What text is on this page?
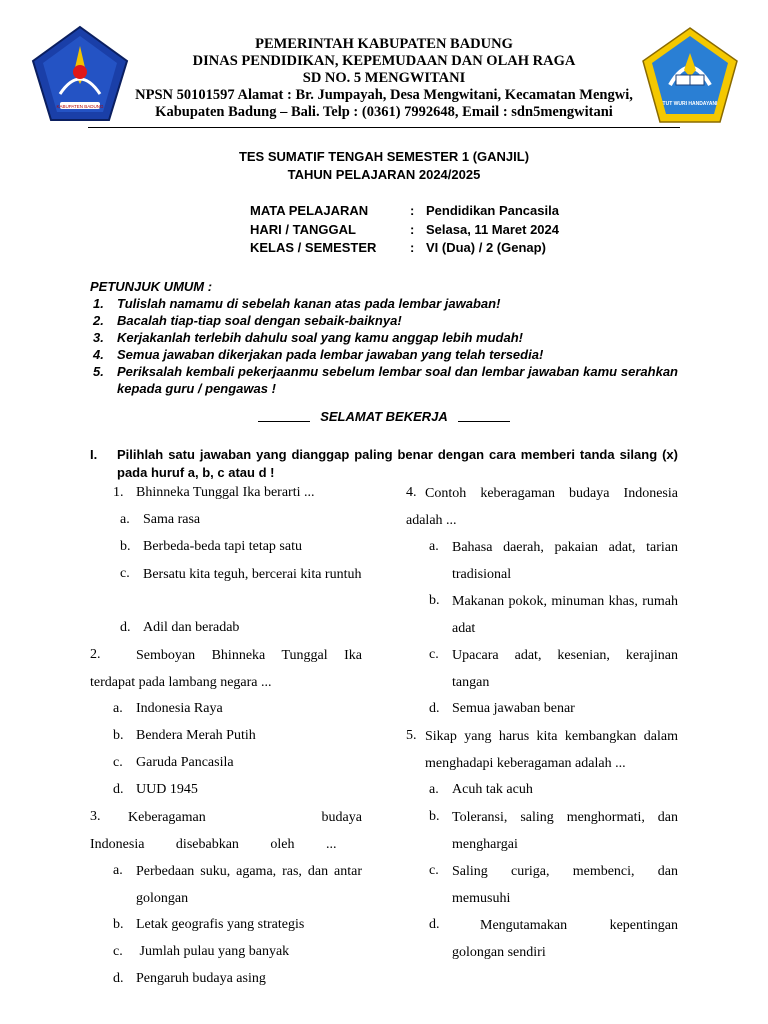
KABUPATEN BADUNG	TUT WURI HANDAYANI
PEMERINTAH KABUPATEN BADUNG
DINAS PENDIDIKAN, KEPEMUDAAN DAN OLAH RAGA
SD NO. 5 MENGWITANI
NPSN 50101597 Alamat : Br. Jumpayah, Desa Mengwitani, Kecamatan Mengwi,
Kabupaten Badung – Bali. Telp : (0361) 7992648, Email : sdn5mengwitani
TES SUMATIF TENGAH SEMESTER 1 (GANJIL)
TAHUN PELAJARAN 2024/2025
MATA PELAJARAN	: Pendidikan Pancasila
HARI / TANGGAL	: Selasa, 11 Maret 2024
KELAS / SEMESTER	: VI (Dua) / 2 (Genap)
PETUNJUK UMUM :
1. Tulislah namamu di sebelah kanan atas pada lembar jawaban!
2. Bacalah tiap-tiap soal dengan sebaik-baiknya!
3. Kerjakanlah terlebih dahulu soal yang kamu anggap lebih mudah!
4. Semua jawaban dikerjakan pada lembar jawaban yang telah tersedia!
5. Periksalah kembali pekerjaanmu sebelum lembar soal dan lembar jawaban kamu serahkan kepada guru / pengawas !
SELAMAT BEKERJA
I. Pilihlah satu jawaban yang dianggap paling benar dengan cara memberi tanda silang (x) pada huruf a, b, c atau d !
1. Bhinneka Tunggal Ika berarti ...
a. Sama rasa
b. Berbeda-beda tapi tetap satu
c. Bersatu kita teguh, bercerai kita runtuh
d. Adil dan beradab
2.	Semboyan Bhinneka Tunggal Ika terdapat pada lambang negara ...
a. Indonesia Raya
b. Bendera Merah Putih
c. Garuda Pancasila
d. UUD 1945
3.	Keberagaman budaya Indonesia disebabkan oleh ...
a. Perbedaan suku, agama, ras, dan antar golongan
b. Letak geografis yang strategis
c. Jumlah pulau yang banyak
d. Pengaruh budaya asing
4. Contoh keberagaman budaya Indonesia adalah ...
a. Bahasa daerah, pakaian adat, tarian tradisional
b. Makanan pokok, minuman khas, rumah adat
c. Upacara adat, kesenian, kerajinan tangan
d. Semua jawaban benar
5. Sikap yang harus kita kembangkan dalam menghadapi keberagaman adalah ...
a. Acuh tak acuh
b. Toleransi, saling menghormati, dan menghargai
c. Saling curiga, membenci, dan memusuhi
d.	Mengutamakan kepentingan golongan sendiri
